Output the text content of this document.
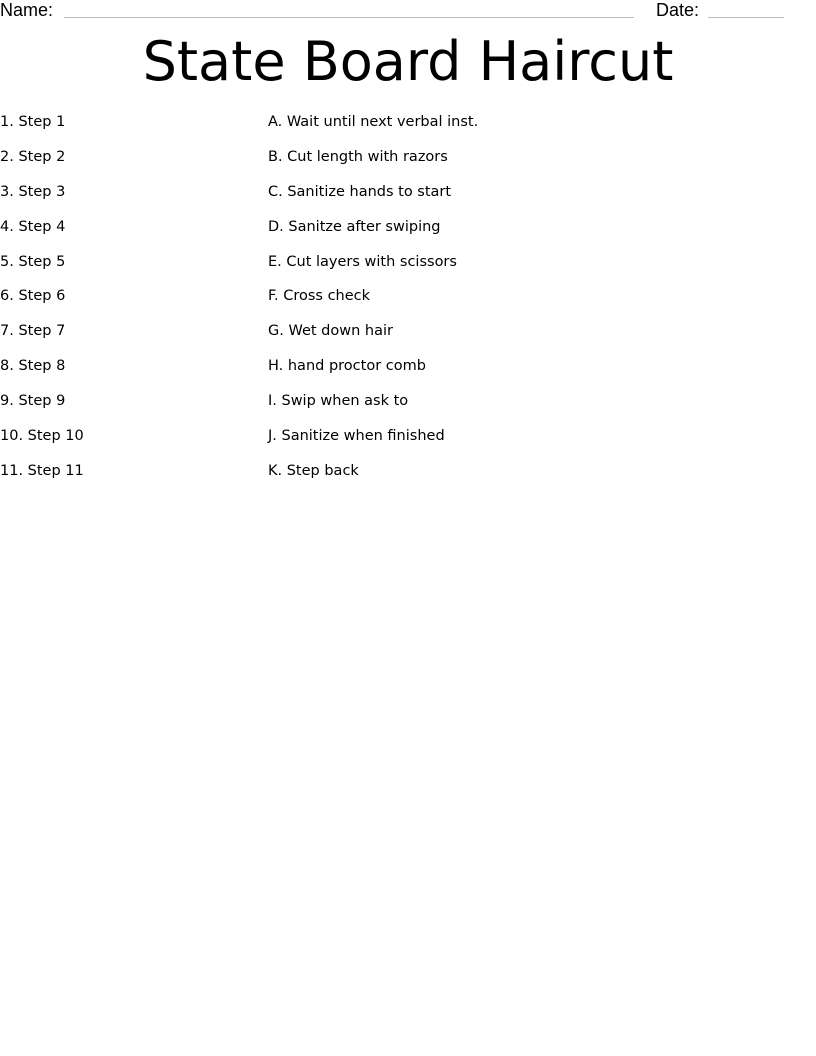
Name:	Date:
State Board Haircut
1. Step 1	A. Wait until next verbal inst.
2. Step 2	B. Cut length with razors
3. Step 3	C. Sanitize hands to start
4. Step 4	D. Sanitze after swiping
5. Step 5	E. Cut layers with scissors
6. Step 6	F. Cross check
7. Step 7	G. Wet down hair
8. Step 8	H. hand proctor comb
9. Step 9	I. Swip when ask to
10. Step 10	J. Sanitize when finished
11. Step 11	K. Step back
